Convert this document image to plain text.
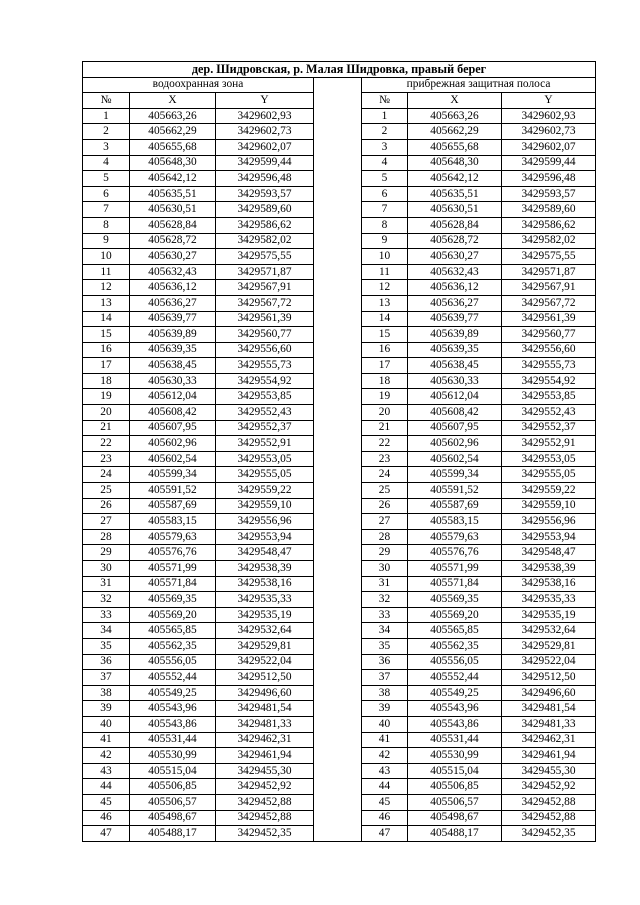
дер. Шидровская, р. Малая Шидровка, правый берег						
водоохранная зона				прибрежная защитная полоса		
№	X	Y		№	X	Y
1	405663,26	3429602,93		1	405663,26	3429602,93
2	405662,29	3429602,73		2	405662,29	3429602,73
3	405655,68	3429602,07		3	405655,68	3429602,07
4	405648,30	3429599,44		4	405648,30	3429599,44
5	405642,12	3429596,48		5	405642,12	3429596,48
6	405635,51	3429593,57		6	405635,51	3429593,57
7	405630,51	3429589,60		7	405630,51	3429589,60
8	405628,84	3429586,62		8	405628,84	3429586,62
9	405628,72	3429582,02		9	405628,72	3429582,02
10	405630,27	3429575,55		10	405630,27	3429575,55
11	405632,43	3429571,87		11	405632,43	3429571,87
12	405636,12	3429567,91		12	405636,12	3429567,91
13	405636,27	3429567,72		13	405636,27	3429567,72
14	405639,77	3429561,39		14	405639,77	3429561,39
15	405639,89	3429560,77		15	405639,89	3429560,77
16	405639,35	3429556,60		16	405639,35	3429556,60
17	405638,45	3429555,73		17	405638,45	3429555,73
18	405630,33	3429554,92		18	405630,33	3429554,92
19	405612,04	3429553,85		19	405612,04	3429553,85
20	405608,42	3429552,43		20	405608,42	3429552,43
21	405607,95	3429552,37		21	405607,95	3429552,37
22	405602,96	3429552,91		22	405602,96	3429552,91
23	405602,54	3429553,05		23	405602,54	3429553,05
24	405599,34	3429555,05		24	405599,34	3429555,05
25	405591,52	3429559,22		25	405591,52	3429559,22
26	405587,69	3429559,10		26	405587,69	3429559,10
27	405583,15	3429556,96		27	405583,15	3429556,96
28	405579,63	3429553,94		28	405579,63	3429553,94
29	405576,76	3429548,47		29	405576,76	3429548,47
30	405571,99	3429538,39		30	405571,99	3429538,39
31	405571,84	3429538,16		31	405571,84	3429538,16
32	405569,35	3429535,33		32	405569,35	3429535,33
33	405569,20	3429535,19		33	405569,20	3429535,19
34	405565,85	3429532,64		34	405565,85	3429532,64
35	405562,35	3429529,81		35	405562,35	3429529,81
36	405556,05	3429522,04		36	405556,05	3429522,04
37	405552,44	3429512,50		37	405552,44	3429512,50
38	405549,25	3429496,60		38	405549,25	3429496,60
39	405543,96	3429481,54		39	405543,96	3429481,54
40	405543,86	3429481,33		40	405543,86	3429481,33
41	405531,44	3429462,31		41	405531,44	3429462,31
42	405530,99	3429461,94		42	405530,99	3429461,94
43	405515,04	3429455,30		43	405515,04	3429455,30
44	405506,85	3429452,92		44	405506,85	3429452,92
45	405506,57	3429452,88		45	405506,57	3429452,88
46	405498,67	3429452,88		46	405498,67	3429452,88
47	405488,17	3429452,35		47	405488,17	3429452,35
